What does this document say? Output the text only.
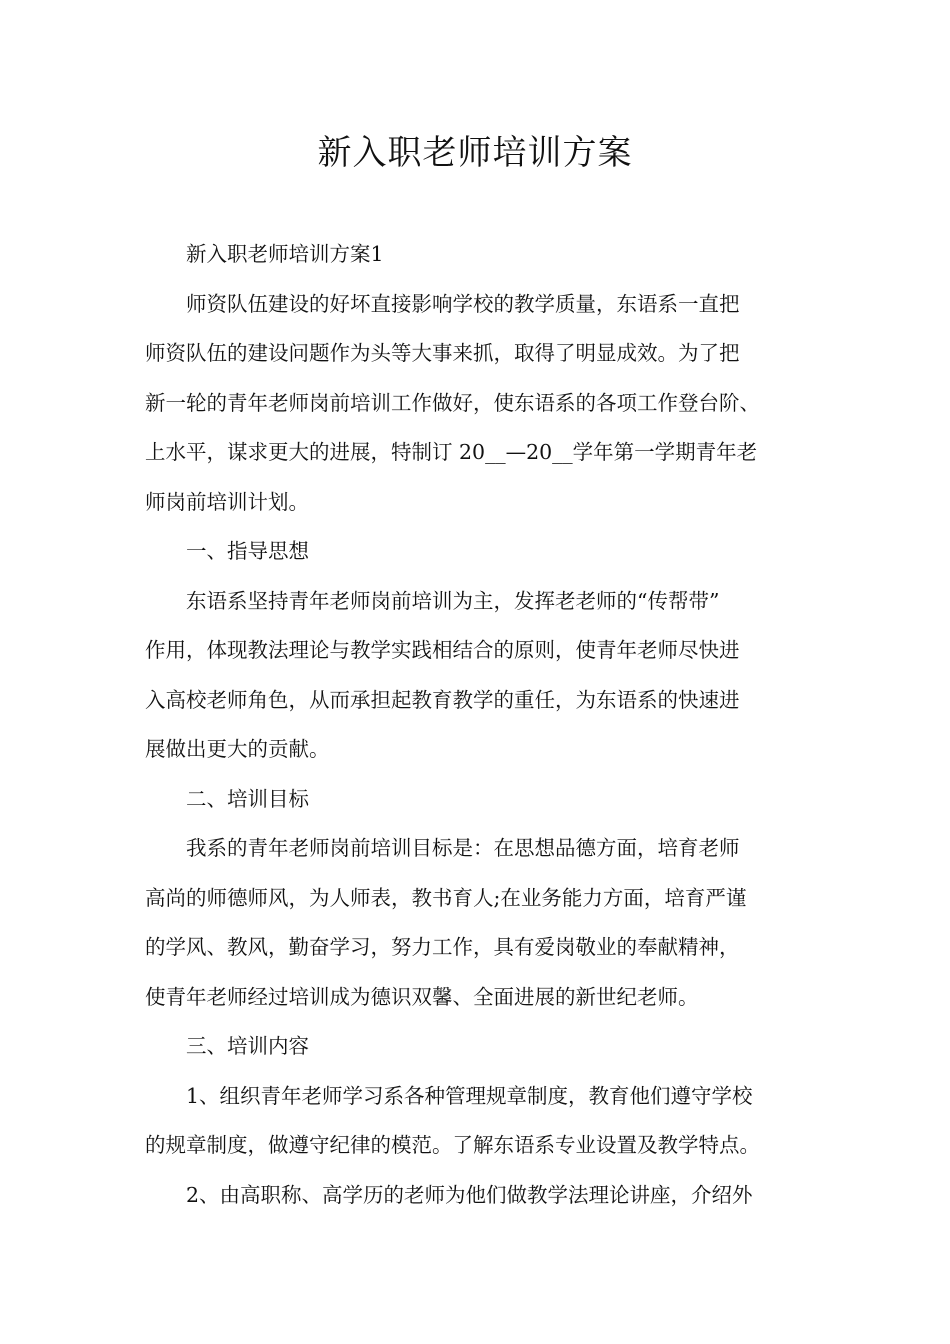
新入职老师培训方案

新入职老师培训方案1

师资队伍建设的好坏直接影响学校的教学质量，东语系一直把
师资队伍的建设问题作为头等大事来抓，取得了明显成效。为了把
新一轮的青年老师岗前培训工作做好，使东语系的各项工作登台阶、
上水平，谋求更大的进展，特制订 20__—20__学年第一学期青年老
师岗前培训计划。

一、指导思想

东语系坚持青年老师岗前培训为主，发挥老老师的“传帮带”
作用，体现教法理论与教学实践相结合的原则，使青年老师尽快进
入高校老师角色，从而承担起教育教学的重任，为东语系的快速进
展做出更大的贡献。

二、培训目标

我系的青年老师岗前培训目标是：在思想品德方面，培育老师
高尚的师德师风，为人师表，教书育人;在业务能力方面，培育严谨
的学风、教风，勤奋学习，努力工作，具有爱岗敬业的奉献精神，
使青年老师经过培训成为德识双馨、全面进展的新世纪老师。

三、培训内容

1、组织青年老师学习系各种管理规章制度，教育他们遵守学校
的规章制度，做遵守纪律的模范。了解东语系专业设置及教学特点。

2、由高职称、高学历的老师为他们做教学法理论讲座，介绍外
